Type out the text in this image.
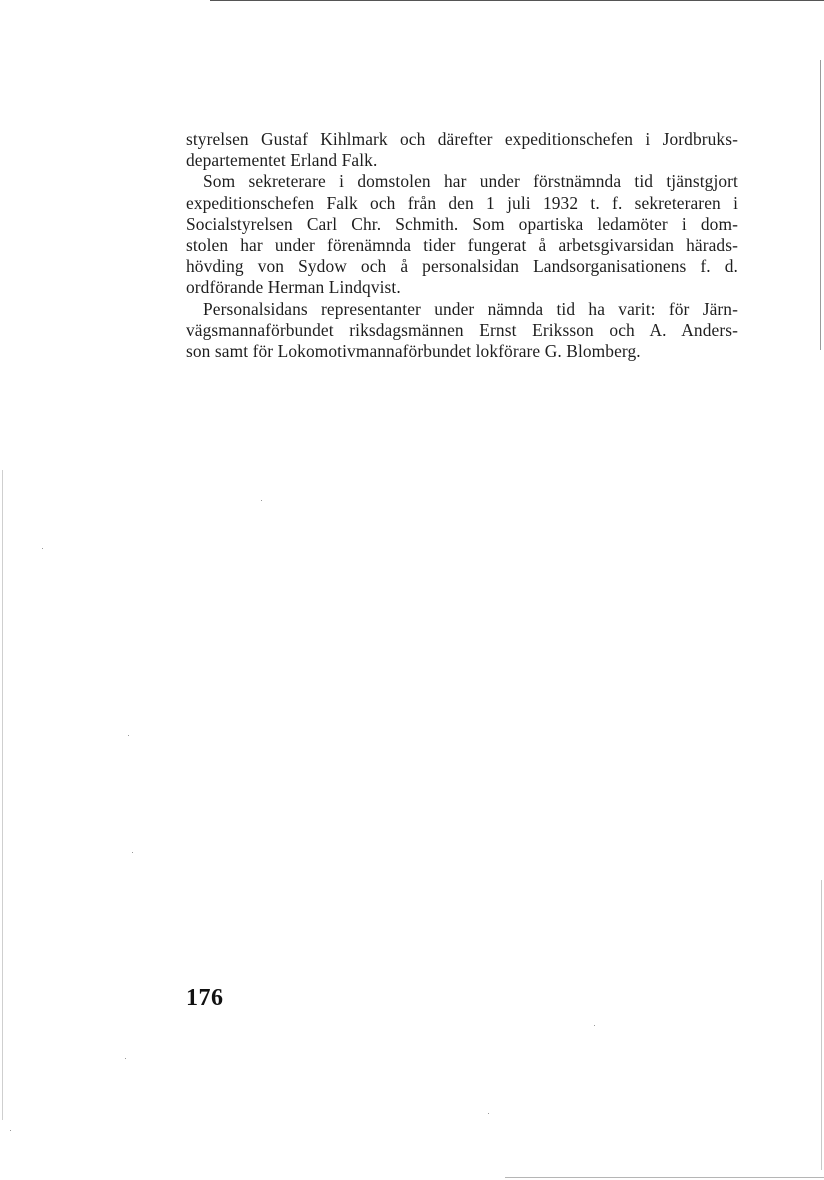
styrelsen Gustaf Kihlmark och därefter expeditionschefen i Jordbruks-
departementet Erland Falk.
Som sekreterare i domstolen har under förstnämnda tid tjänstgjort
expeditionschefen Falk och från den 1 juli 1932 t. f. sekreteraren i
Socialstyrelsen Carl Chr. Schmith. Som opartiska ledamöter i dom-
stolen har under förenämnda tider fungerat å arbetsgivarsidan härads-
hövding von Sydow och å personalsidan Landsorganisationens f. d.
ordförande Herman Lindqvist.
Personalsidans representanter under nämnda tid ha varit: för Järn-
vägsmannaförbundet riksdagsmännen Ernst Eriksson och A. Anders-
son samt för Lokomotivmannaförbundet lokförare G. Blomberg.
176
